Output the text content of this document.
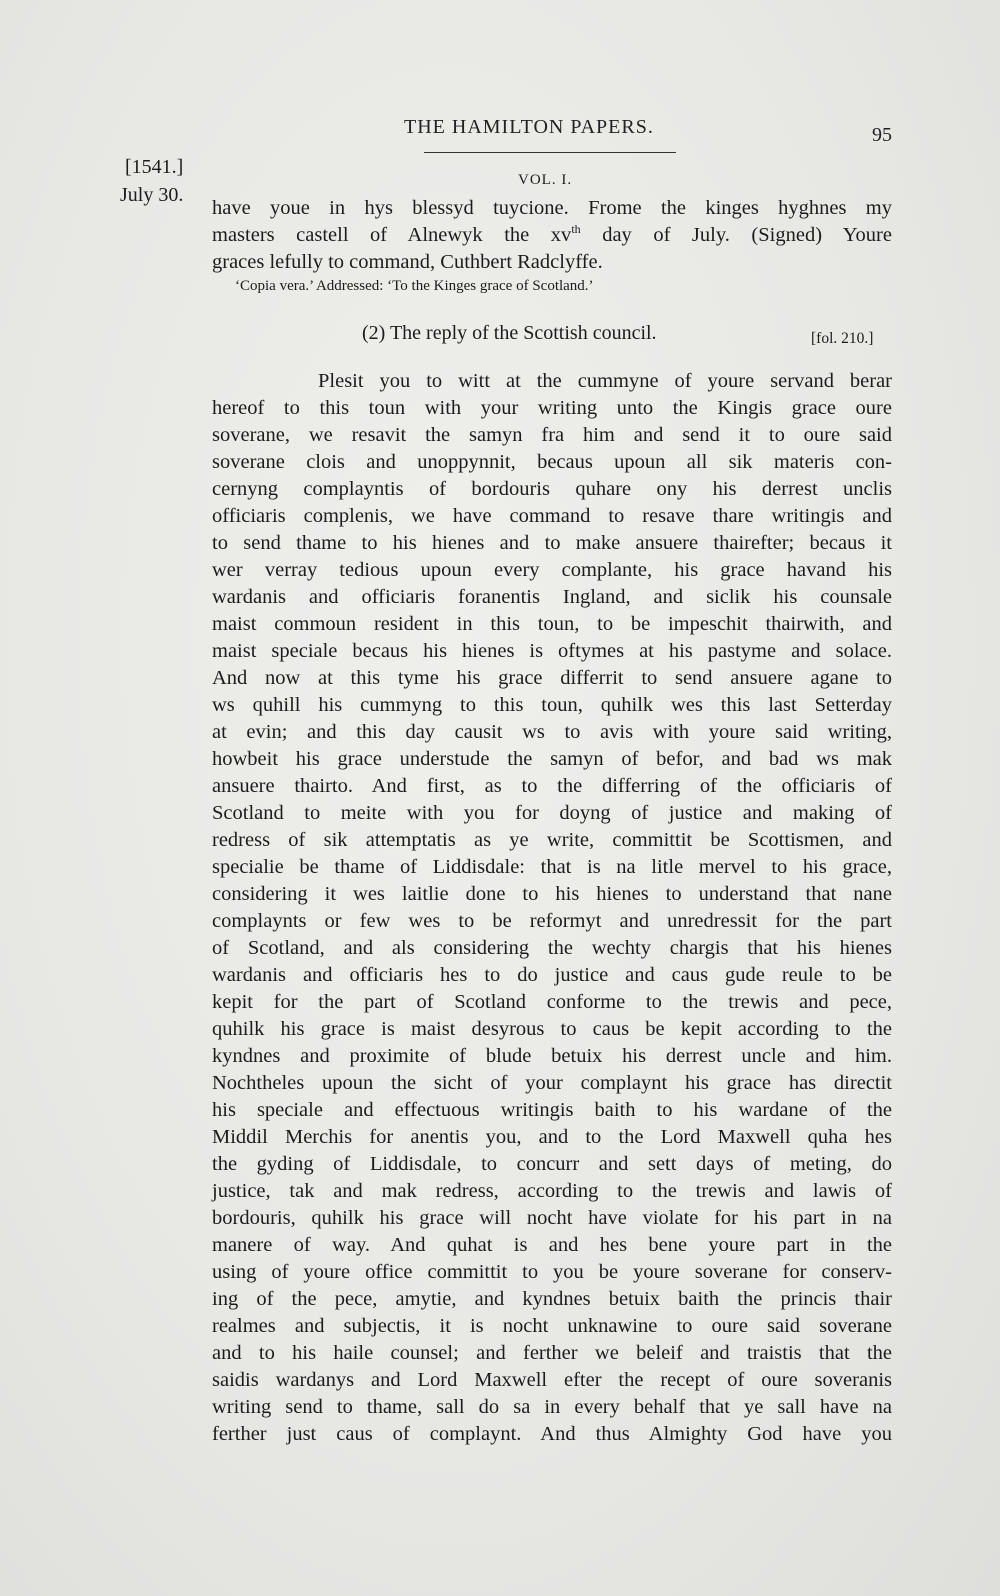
THE HAMILTON PAPERS.	95
[1541.]
VOL. I.
July 30.
have youe in hys blessyd tuycione. Frome the kinges hyghnes my
masters castell of Alnewyk the $xv^{th}$ day of July. (Signed) Youre
graces lefully to command, Cuthbert Radclyffe.
‘Copia vera.’ Addressed: ‘To the Kinges grace of Scotland.’
(2) The reply of the Scottish council.	[fol. 210.]
Plesit you to witt at the cummyne of youre servand berar
hereof to this toun with your writing unto the Kingis grace oure
soverane, we resavit the samyn fra him and send it to oure said
soverane clois and unoppynnit, becaus upoun all sik materis con-
cernyng complayntis of bordouris quhare ony his derrest unclis
officiaris complenis, we have command to resave thare writingis and
to send thame to his hienes and to make ansuere thairefter; becaus it
wer verray tedious upoun every complante, his grace havand his
wardanis and officiaris foranentis Ingland, and siclik his counsale
maist commoun resident in this toun, to be impeschit thairwith, and
maist speciale becaus his hienes is oftymes at his pastyme and solace.
And now at this tyme his grace differrit to send ansuere agane to
ws quhill his cummyng to this toun, quhilk wes this last Setterday
at evin; and this day causit ws to avis with youre said writing,
howbeit his grace understude the samyn of befor, and bad ws mak
ansuere thairto. And first, as to the differring of the officiaris of
Scotland to meite with you for doyng of justice and making of
redress of sik attemptatis as ye write, committit be Scottismen, and
specialie be thame of Liddisdale: that is na litle mervel to his grace,
considering it wes laitlie done to his hienes to understand that nane
complaynts or few wes to be reformyt and unredressit for the part
of Scotland, and als considering the wechty chargis that his hienes
wardanis and officiaris hes to do justice and caus gude reule to be
kepit for the part of Scotland conforme to the trewis and pece,
quhilk his grace is maist desyrous to caus be kepit according to the
kyndnes and proximite of blude betuix his derrest uncle and him.
Nochtheles upoun the sicht of your complaynt his grace has directit
his speciale and effectuous writingis baith to his wardane of the
Middil Merchis for anentis you, and to the Lord Maxwell quha hes
the gyding of Liddisdale, to concurr and sett days of meting, do
justice, tak and mak redress, according to the trewis and lawis of
bordouris, quhilk his grace will nocht have violate for his part in na
manere of way. And quhat is and hes bene youre part in the
using of youre office committit to you be youre soverane for conserv-
ing of the pece, amytie, and kyndnes betuix baith the princis thair
realmes and subjectis, it is nocht unknawine to oure said soverane
and to his haile counsel; and ferther we beleif and traistis that the
saidis wardanys and Lord Maxwell efter the recept of oure soveranis
writing send to thame, sall do sa in every behalf that ye sall have na
ferther just caus of complaynt. And thus Almighty God have you
